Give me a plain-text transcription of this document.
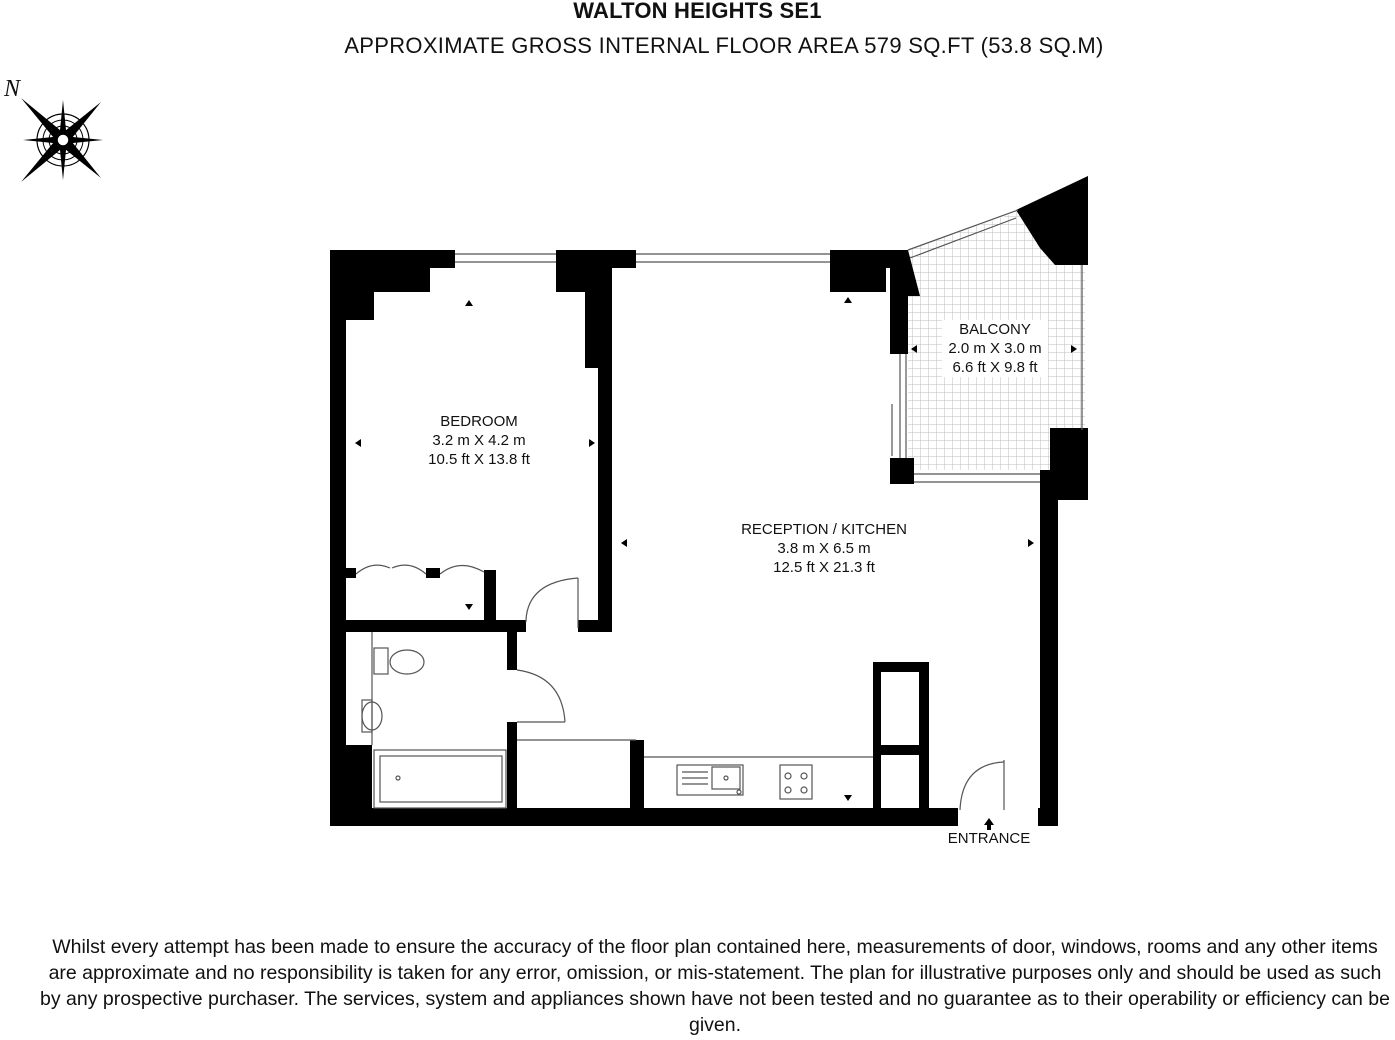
WALTON HEIGHTS SE1
APPROXIMATE GROSS INTERNAL FLOOR AREA 579 SQ.FT (53.8 SQ.M)
N
BEDROOM
3.2 m X 4.2 m
10.5 ft X 13.8 ft
RECEPTION / KITCHEN
3.8 m X 6.5 m
12.5 ft X 21.3 ft
BALCONY
2.0 m X 3.0 m
6.6 ft X 9.8 ft
ENTRANCE
Whilst every attempt has been made to ensure the accuracy of the floor plan contained here, measurements of door, windows, rooms and any other items are approximate and no responsibility is taken for any error, omission, or mis-statement. The plan for illustrative purposes only and should be used as such by any prospective purchaser. The services, system and appliances shown have not been tested and no guarantee as to their operability or efficiency can be given.
